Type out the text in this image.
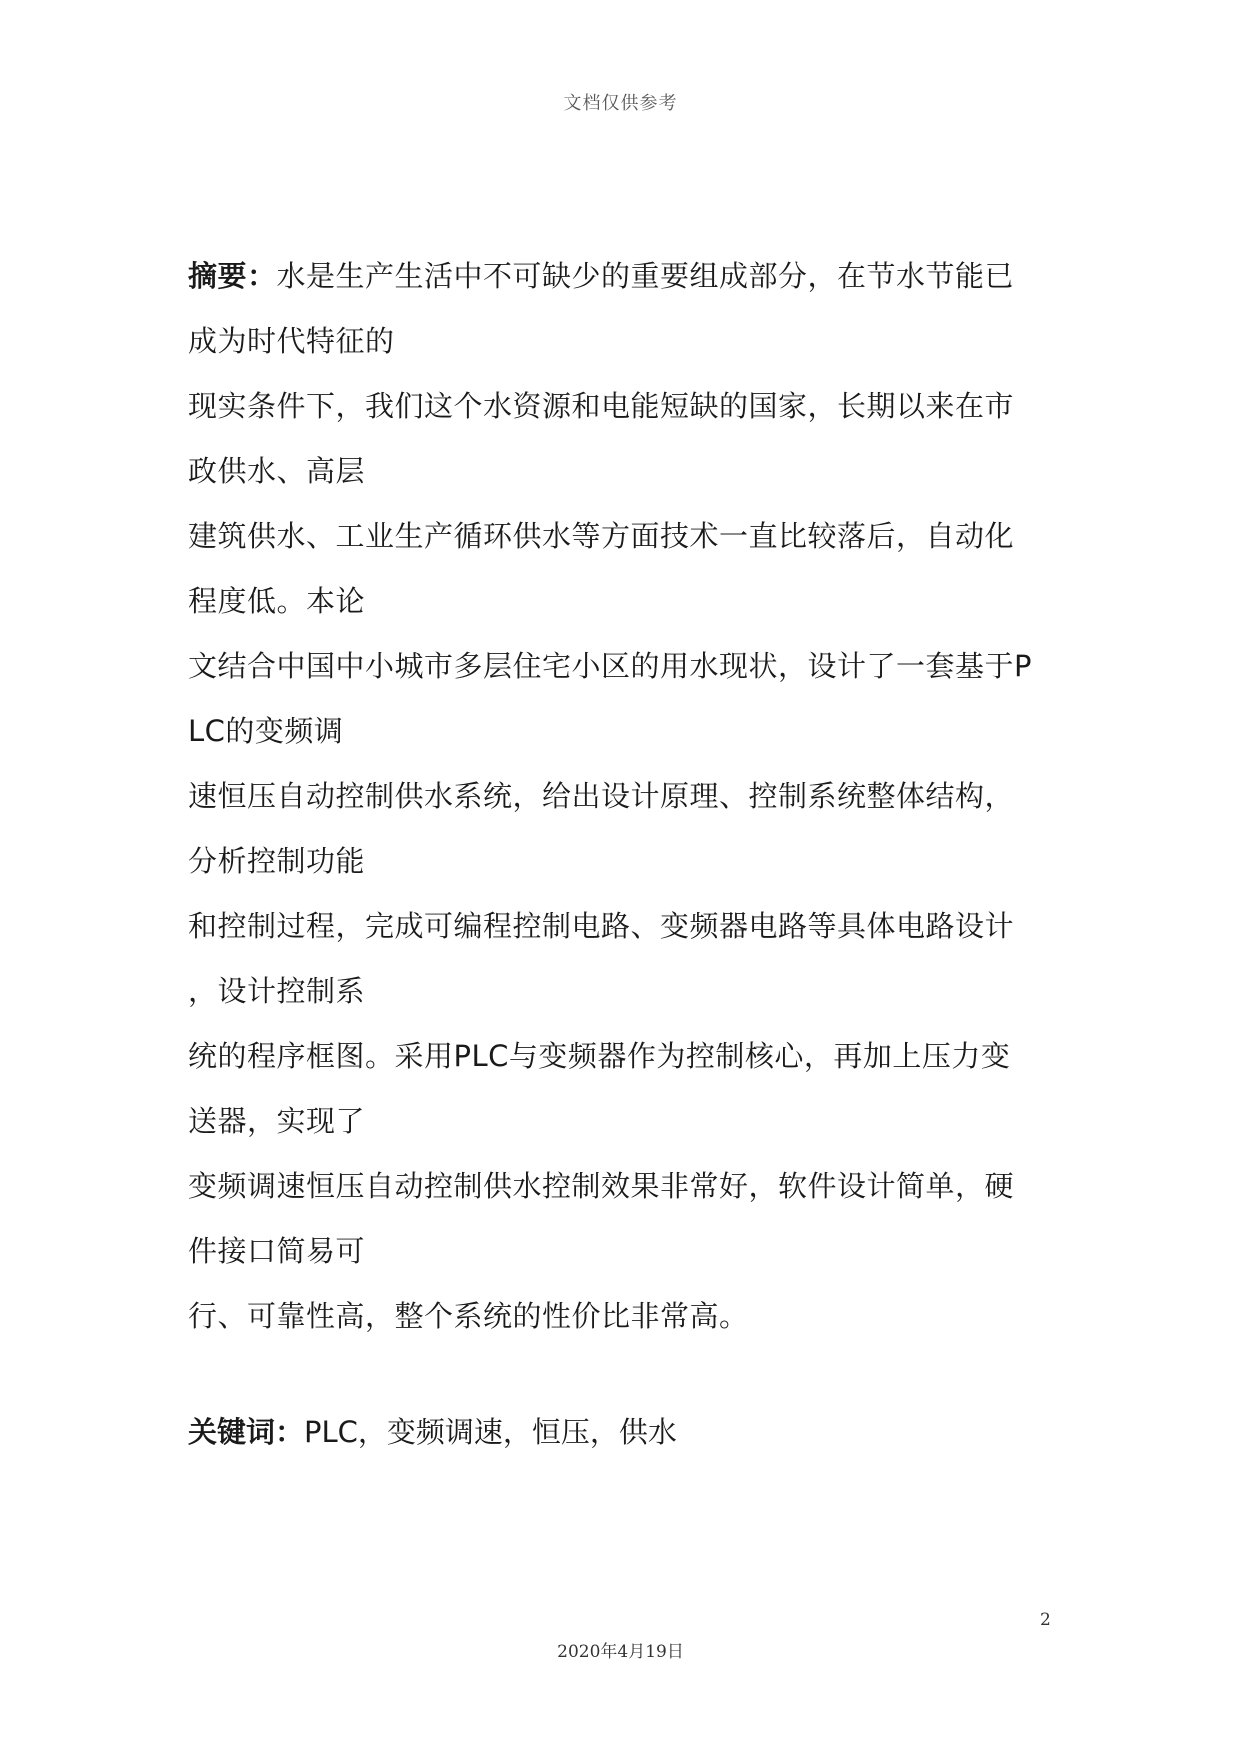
文档仅供参考
摘要：水是生产生活中不可缺少的重要组成部分，在节水节能已
成为时代特征的
现实条件下，我们这个水资源和电能短缺的国家，长期以来在市
政供水、高层
建筑供水、工业生产循环供水等方面技术一直比较落后，自动化
程度低。本论
文结合中国中小城市多层住宅小区的用水现状，设计了一套基于P
LC的变频调
速恒压自动控制供水系统，给出设计原理、控制系统整体结构，
分析控制功能
和控制过程，完成可编程控制电路、变频器电路等具体电路设计
，设计控制系
统的程序框图。采用PLC与变频器作为控制核心，再加上压力变
送器，实现了
变频调速恒压自动控制供水控制效果非常好，软件设计简单，硬
件接口简易可
行、可靠性高，整个系统的性价比非常高。
关键词：PLC，变频调速，恒压，供水
2
2020年4月19日
